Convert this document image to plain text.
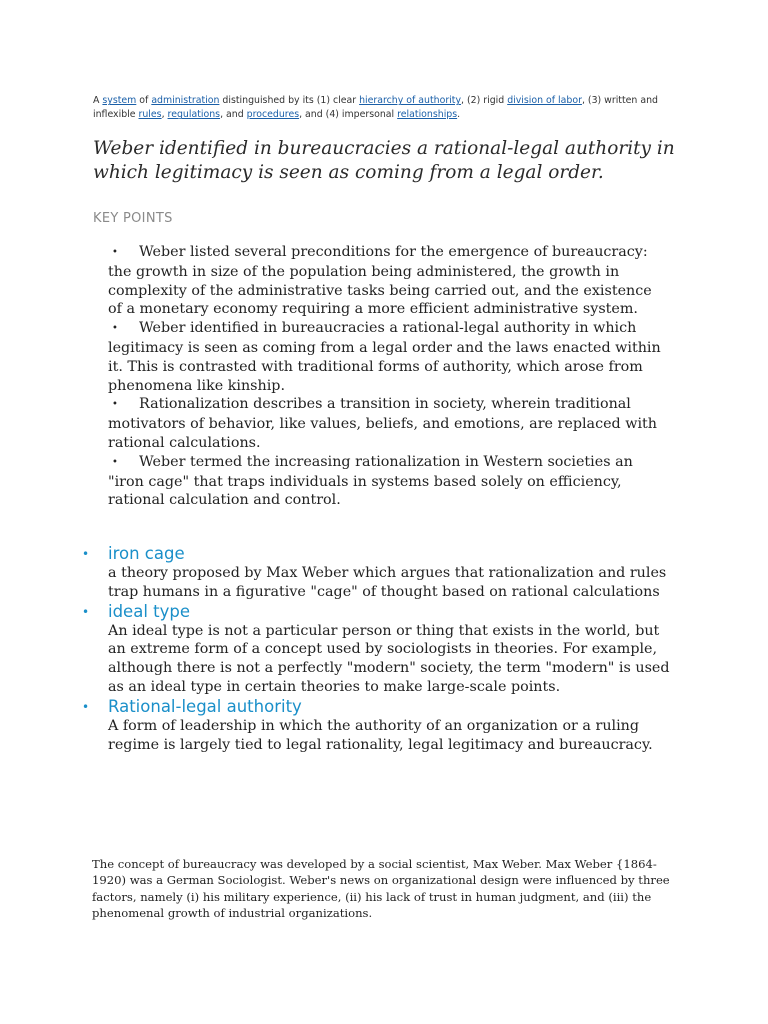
A system of administration distinguished by its (1) clear hierarchy of authority, (2) rigid division of labor, (3) written and inflexible rules, regulations, and procedures, and (4) impersonal relationships.

Weber identified in bureaucracies a rational-legal authority in which legitimacy is seen as coming from a legal order.
KEY POINTS
• Weber listed several preconditions for the emergence of bureaucracy: the growth in size of the population being administered, the growth in complexity of the administrative tasks being carried out, and the existence of a monetary economy requiring a more efficient administrative system.
• Weber identified in bureaucracies a rational-legal authority in which legitimacy is seen as coming from a legal order and the laws enacted within it. This is contrasted with traditional forms of authority, which arose from phenomena like kinship.
• Rationalization describes a transition in society, wherein traditional motivators of behavior, like values, beliefs, and emotions, are replaced with rational calculations.
• Weber termed the increasing rationalization in Western societies an "iron cage" that traps individuals in systems based solely on efficiency, rational calculation and control.
• iron cage
a theory proposed by Max Weber which argues that rationalization and rules trap humans in a figurative "cage" of thought based on rational calculations
• ideal type
An ideal type is not a particular person or thing that exists in the world, but an extreme form of a concept used by sociologists in theories. For example, although there is not a perfectly "modern" society, the term "modern" is used as an ideal type in certain theories to make large-scale points.
• Rational-legal authority
A form of leadership in which the authority of an organization or a ruling regime is largely tied to legal rationality, legal legitimacy and bureaucracy.

The concept of bureaucracy was developed by a social scientist, Max Weber. Max Weber {1864-1920) was a German Sociologist. Weber's news on organizational design were influenced by three factors, namely (i) his military experience, (ii) his lack of trust in human judgment, and (iii) the phenomenal growth of industrial organizations.
